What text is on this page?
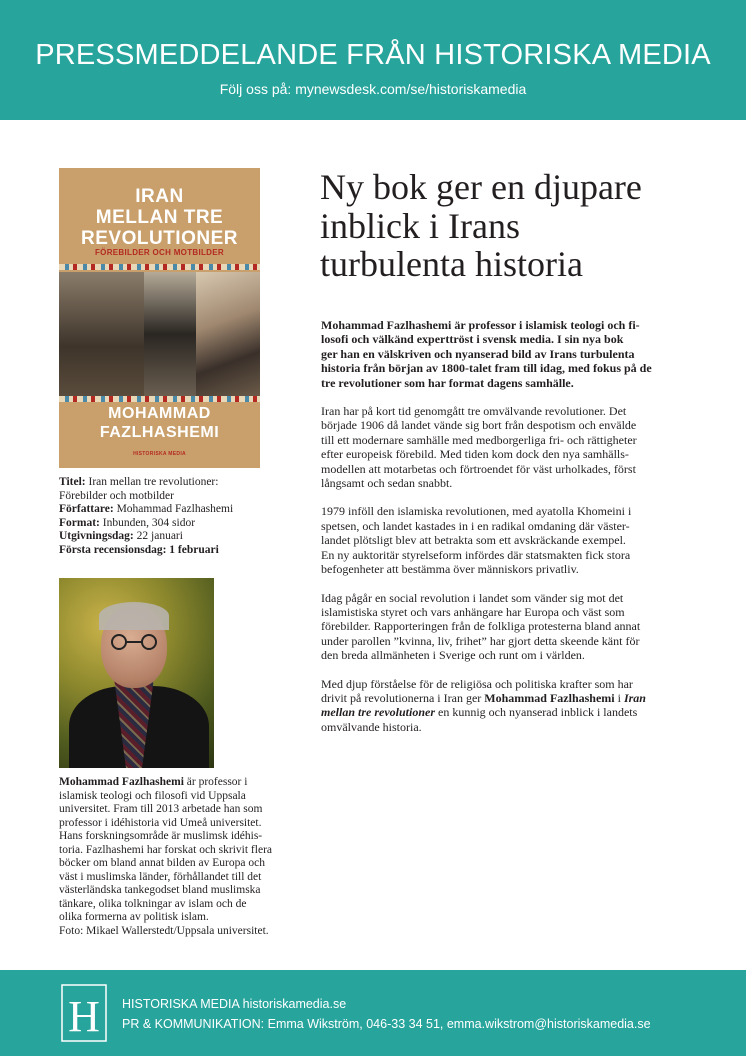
PRESSMEDDELANDE FRÅN HISTORISKA MEDIA
Följ oss på: mynewsdesk.com/se/historiskamedia
IRAN
MELLAN TRE
REVOLUTIONER
FÖREBILDER OCH MOTBILDER
MOHAMMAD
FAZLHASHEMI
HISTORISKA MEDIA

Titel: Iran mellan tre revolutioner: Förebilder och motbilder

Författare: Mohammad Fazlhashemi

Format: Inbunden, 304 sidor

Utgivningsdag: 22 januari

Första recensionsdag: 1 februari

Mohammad Fazlhashemi är professor i

islamisk teologi och filosofi vid Uppsala

universitet. Fram till 2013 arbetade han som

professor i idéhistoria vid Umeå universitet.

Hans forskningsområde är muslimsk idéhis-

toria. Fazlhashemi har forskat och skrivit flera

böcker om bland annat bilden av Europa och

väst i muslimska länder, förhållandet till det

västerländska tankegodset bland muslimska

tänkare, olika tolkningar av islam och de

olika formerna av politisk islam.

Foto: Mikael Wallerstedt/Uppsala universitet.

Ny bok ger en djupare
inblick i Irans
turbulenta historia

Mohammad Fazlhashemi är professor i islamisk teologi och fi-
losofi och välkänd experttröst i svensk media. I sin nya bok
ger han en välskriven och nyanserad bild av Irans turbulenta
historia från början av 1800-talet fram till idag, med fokus på de
tre revolutioner som har format dagens samhälle.

Iran har på kort tid genomgått tre omvälvande revolutioner. Det
började 1906 då landet vände sig bort från despotism och envälde
till ett modernare samhälle med medborgerliga fri- och rättigheter
efter europeisk förebild. Med tiden kom dock den nya samhälls-
modellen att motarbetas och förtroendet för väst urholkades, först
långsamt och sedan snabbt.

1979 inföll den islamiska revolutionen, med ayatolla Khomeini i
spetsen, och landet kastades in i en radikal omdaning där väster-
landet plötsligt blev att betrakta som ett avskräckande exempel.
En ny auktoritär styrelseform infördes där statsmakten fick stora
befogenheter att bestämma över människors privatliv.

Idag pågår en social revolution i landet som vänder sig mot det
islamistiska styret och vars anhängare har Europa och väst som
förebilder. Rapporteringen från de folkliga protesterna bland annat
under parollen ”kvinna, liv, frihet” har gjort detta skeende känt för
den breda allmänheten i Sverige och runt om i världen.

Med djup förståelse för de religiösa och politiska krafter som har
drivit på revolutionerna i Iran ger Mohammad Fazlhashemi i Iran
mellan tre revolutioner en kunnig och nyanserad inblick i landets
omvälvande historia.

H HISTORISKA MEDIA historiskamedia.se
PR & KOMMUNIKATION: Emma Wikström, 046-33 34 51, emma.wikstrom@historiskamedia.se
